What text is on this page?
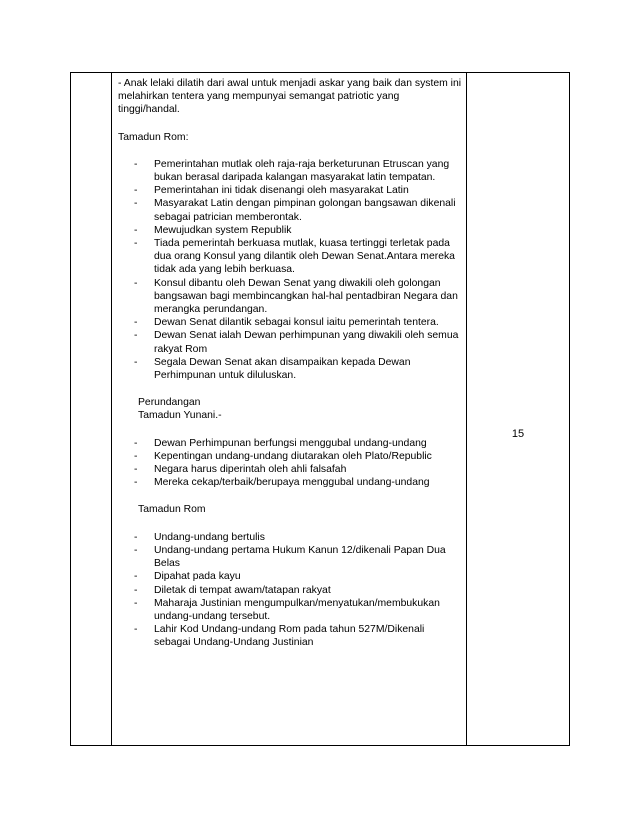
- Anak lelaki dilatih dari awal untuk menjadi askar yang baik dan system ini melahirkan tentera yang mempunyai semangat patriotic yang tinggi/handal.

Tamadun Rom:

- Pemerintahan mutlak oleh raja-raja berketurunan Etruscan yang bukan berasal daripada kalangan masyarakat latin tempatan.
- Pemerintahan ini tidak disenangi oleh masyarakat Latin
- Masyarakat Latin dengan pimpinan golongan bangsawan dikenali sebagai patrician memberontak.
- Mewujudkan system Republik
- Tiada pemerintah berkuasa mutlak, kuasa tertinggi terletak pada dua orang Konsul yang dilantik oleh Dewan Senat.Antara mereka tidak ada yang lebih berkuasa.
- Konsul dibantu oleh Dewan Senat yang diwakili oleh golongan bangsawan bagi membincangkan hal-hal pentadbiran Negara dan merangka perundangan.
- Dewan Senat dilantik sebagai konsul iaitu pemerintah tentera.
- Dewan Senat ialah Dewan perhimpunan yang diwakili oleh semua rakyat Rom
- Segala Dewan Senat akan disampaikan kepada Dewan Perhimpunan untuk diluluskan.

Perundangan

Tamadun Yunani.-

- Dewan Perhimpunan berfungsi menggubal undang-undang
- Kepentingan undang-undang diutarakan oleh Plato/Republic
- Negara harus diperintah oleh ahli falsafah
- Mereka cekap/terbaik/berupaya menggubal undang-undang

Tamadun Rom

- Undang-undang bertulis
- Undang-undang pertama Hukum Kanun 12/dikenali Papan Dua Belas
- Dipahat pada kayu
- Diletak di tempat awam/tatapan rakyat
- Maharaja Justinian mengumpulkan/menyatukan/membukukan undang-undang tersebut.
- Lahir Kod Undang-undang Rom pada tahun 527M/Dikenali sebagai Undang-Undang Justinian
15
